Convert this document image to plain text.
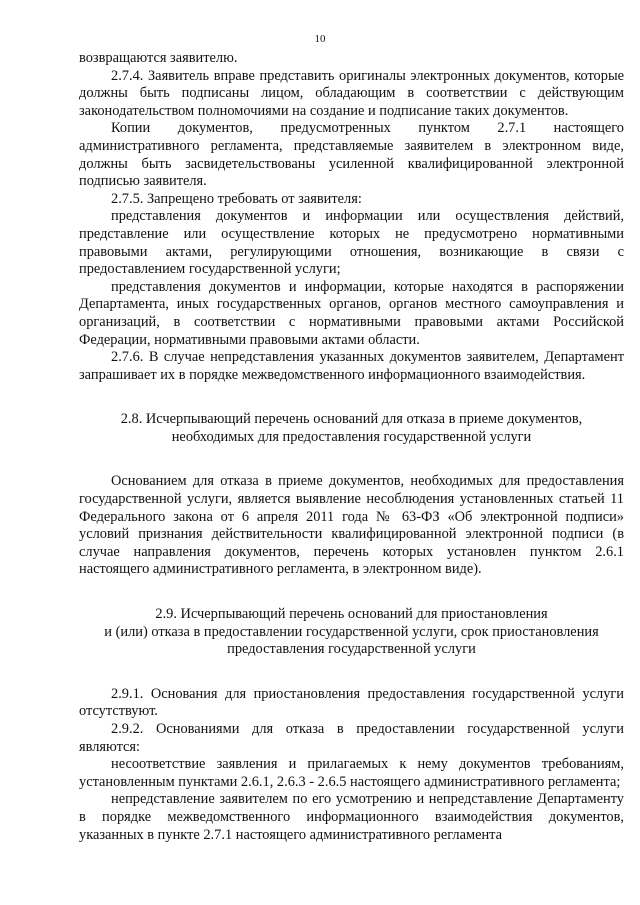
10

возвращаются заявителю.

2.7.4. Заявитель вправе представить оригиналы электронных документов, которые должны быть подписаны лицом, обладающим в соответствии с действующим законодательством полномочиями на создание и подписание таких документов.

Копии документов, предусмотренных пунктом 2.7.1 настоящего административного регламента, представляемые заявителем в электронном виде, должны быть засвидетельствованы усиленной квалифицированной электронной подписью заявителя.

2.7.5. Запрещено требовать от заявителя:

представления документов и информации или осуществления действий, представление или осуществление которых не предусмотрено нормативными правовыми актами, регулирующими отношения, возникающие в связи с предоставлением государственной услуги;

представления документов и информации, которые находятся в распоряжении Департамента, иных государственных органов, органов местного самоуправления и организаций, в соответствии с нормативными правовыми актами Российской Федерации, нормативными правовыми актами области.

2.7.6. В случае непредставления указанных документов заявителем, Департамент запрашивает их в порядке межведомственного информационного взаимодействия.

2.8. Исчерпывающий перечень оснований для отказа в приеме документов,
необходимых для предоставления государственной услуги

Основанием для отказа в приеме документов, необходимых для предоставления государственной услуги, является выявление несоблюдения установленных статьей 11 Федерального закона от 6 апреля 2011 года № 63-ФЗ «Об электронной подписи» условий признания действительности квалифицированной электронной подписи (в случае направления документов, перечень которых установлен пунктом 2.6.1 настоящего административного регламента, в электронном виде).

2.9. Исчерпывающий перечень оснований для приостановления
и (или) отказа в предоставлении государственной услуги, срок приостановления
предоставления государственной услуги

2.9.1. Основания для приостановления предоставления государственной услуги отсутствуют.

2.9.2. Основаниями для отказа в предоставлении государственной услуги являются:

несоответствие заявления и прилагаемых к нему документов требованиям, установленным пунктами 2.6.1, 2.6.3 - 2.6.5 настоящего административного регламента;

непредставление заявителем по его усмотрению и непредставление Департаменту в порядке межведомственного информационного взаимодействия документов, указанных в пункте 2.7.1 настоящего административного регламента
